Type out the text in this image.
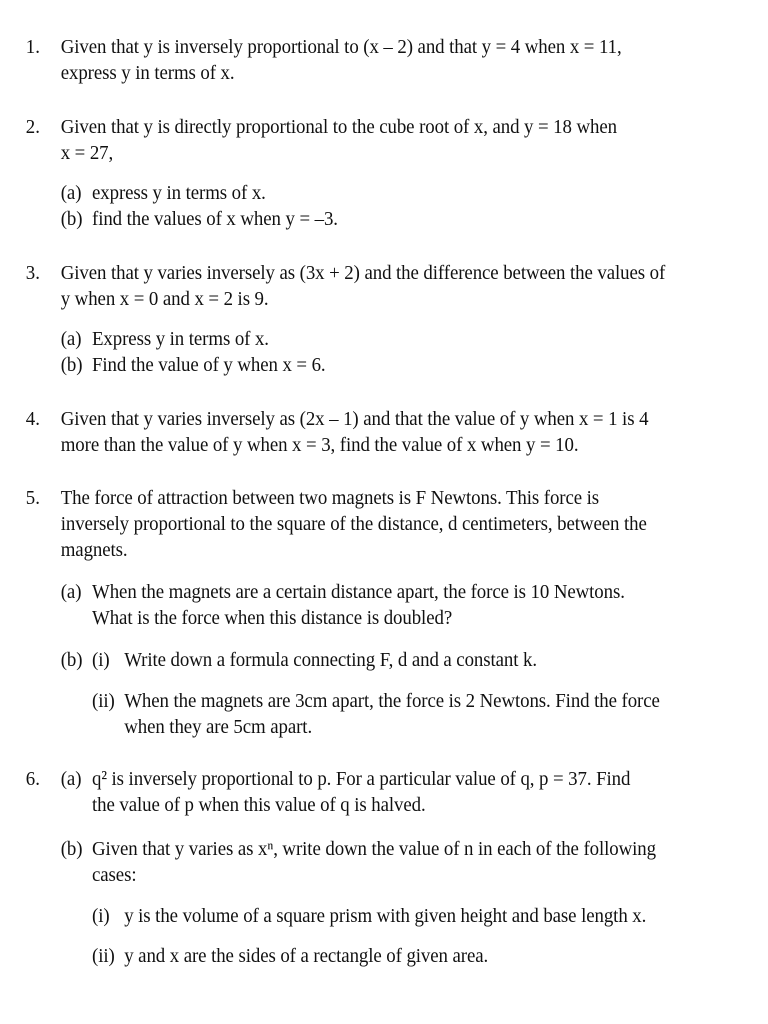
1. Given that y is inversely proportional to (x – 2) and that y = 4 when x = 11,
express y in terms of x.
2. Given that y is directly proportional to the cube root of x, and y = 18 when
x = 27,
(a) express y in terms of x.
(b) find the values of x when y = –3.
3. Given that y varies inversely as (3x + 2) and the difference between the values of
y when x = 0 and x = 2 is 9.
(a) Express y in terms of x.
(b) Find the value of y when x = 6.
4. Given that y varies inversely as (2x – 1) and that the value of y when x = 1 is 4
more than the value of y when x = 3, find the value of x when y = 10.
5. The force of attraction between two magnets is F Newtons. This force is
inversely proportional to the square of the distance, d centimeters, between the
magnets.
(a) When the magnets are a certain distance apart, the force is 10 Newtons.
What is the force when this distance is doubled?
(b) (i) Write down a formula connecting F, d and a constant k.
(ii) When the magnets are 3cm apart, the force is 2 Newtons. Find the force
when they are 5cm apart.
6. (a) q² is inversely proportional to p. For a particular value of q, p = 37. Find
the value of p when this value of q is halved.
(b) Given that y varies as xⁿ, write down the value of n in each of the following
cases:
(i) y is the volume of a square prism with given height and base length x.
(ii) y and x are the sides of a rectangle of given area.
